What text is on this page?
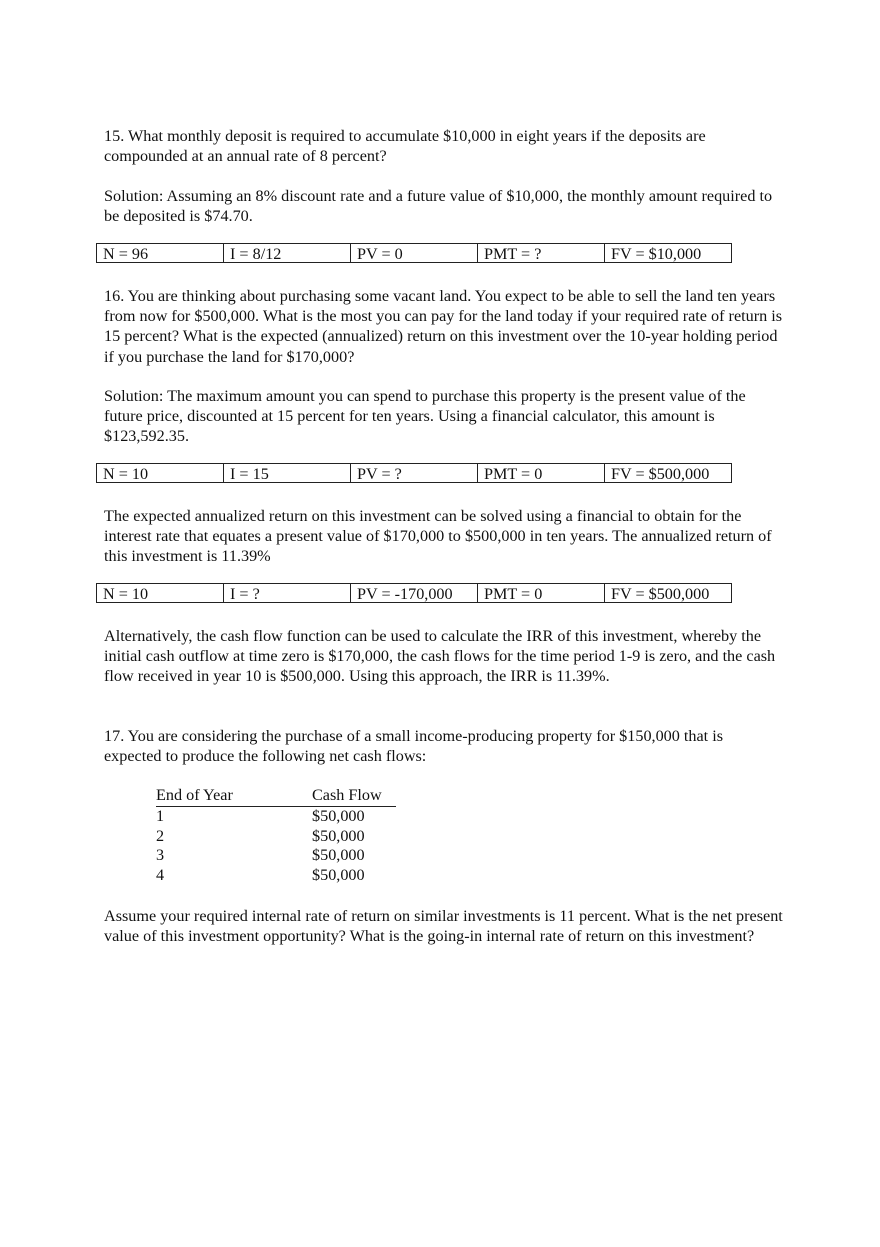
15. What monthly deposit is required to accumulate $10,000 in eight years if the deposits are compounded at an annual rate of 8 percent?

Solution: Assuming an 8% discount rate and a future value of $10,000, the monthly amount required to be deposited is $74.70.

N = 96	I = 8/12	PV = 0	PMT = ?	FV = $10,000

16. You are thinking about purchasing some vacant land. You expect to be able to sell the land ten years from now for $500,000. What is the most you can pay for the land today if your required rate of return is 15 percent? What is the expected (annualized) return on this investment over the 10-year holding period if you purchase the land for $170,000?

Solution: The maximum amount you can spend to purchase this property is the present value of the future price, discounted at 15 percent for ten years. Using a financial calculator, this amount is $123,592.35.

N = 10	I = 15	PV = ?	PMT = 0	FV = $500,000

The expected annualized return on this investment can be solved using a financial to obtain for the interest rate that equates a present value of $170,000 to $500,000 in ten years. The annualized return of this investment is 11.39%

N = 10	I = ?	PV = -170,000	PMT = 0	FV = $500,000

Alternatively, the cash flow function can be used to calculate the IRR of this investment, whereby the initial cash outflow at time zero is $170,000, the cash flows for the time period 1-9 is zero, and the cash flow received in year 10 is $500,000. Using this approach, the IRR is 11.39%.

17. You are considering the purchase of a small income-producing property for $150,000 that is expected to produce the following net cash flows:

End of Year	Cash Flow
1	$50,000
2	$50,000
3	$50,000
4	$50,000

Assume your required internal rate of return on similar investments is 11 percent. What is the net present value of this investment opportunity? What is the going-in internal rate of return on this investment?
